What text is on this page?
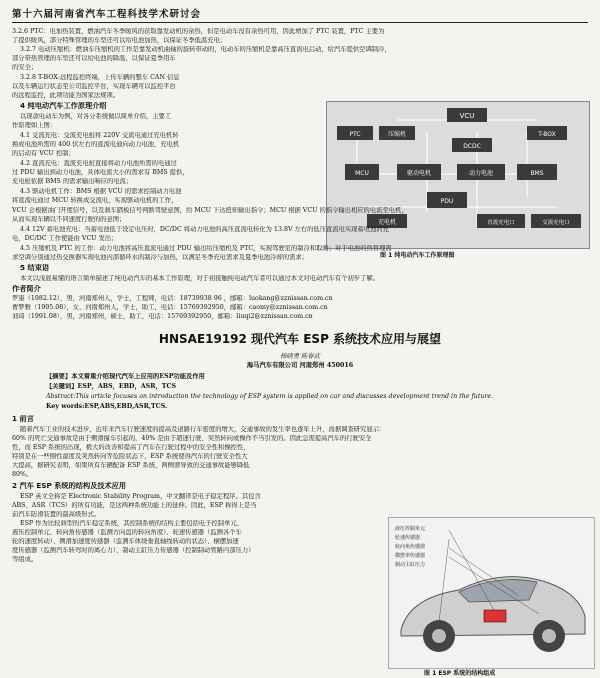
第十六届河南省汽车工程科技学术研讨会
3.2.6 PTC：电加热装置，燃油汽车冬季暖风的获取靠发动机的余热，但是电动车没有余热可用，因此增加了 PTC 装置，PTC 主要为
了提供暖风，部分特殊管理的车型还可以给电池加热，以保证冬季低温充电；
3.2.7 电动压缩机：燃油车压缩机的工作是靠发动机曲轴的旋转带动的，电动车的压缩机是靠高压直流电启动，给汽车提供空调制冷，
部分带热管理的车型还可以给电池的降温，以保证夏季用车
的安全；
3.2.8 T-BOX:远程监控终端，上传车辆的整车 CAN 信息
以及车辆运行状态至公司监控平台，实现车辆可以监控平台
的远程监控，此项功能为国家法规项。
4 纯电动汽车工作原理介绍
以现款电动车为例，对各分系统做以简单介绍，主要工
作原理如上图：
4.1 交流充电：交流充电桩将 220V 交流电通过充电机转
换成电池所需的 400 伏左右的直流电通向动力电池，充电机
的启动有 VCU 控制；
4.2 直流充电：直流充电桩直接将动力电池所需的电通过
过 PDU 输出到动力电池，具体电流大小的需求有 BMS 提供，
充电桩依据 BMS 的需求输出响应的电流；
4.3 驱动电机工作：BMS 根据 VCU 的需求控制动力电池
将直流电通过 MCU 转换成交流电，实现驱动电机的工作，
VCU
PTC	压缩机	T-BOX
DCDC
MCU	驱动电机	动力电池	BMS
PDU
充电机	直流充电口	交流充电口
图 1 纯电动汽车工作原理图
VCU 会根据油门开度信号，以及刹车踏板信号判断驾驶意图，给 MCU 下达扭矩输出指令；MCU 根据 VCU 的指令输出相应的电流至电机，
从而实现车辆以不同速度行驶的的意图；
4.4 12V 蓄电池充电：当蓄电池低于设定电压时，DC/DC 将动力电池的高压直流电转化为 13.8V 左右的低压直流电实现蓄电池的充
电，DC/DC 工作使能由 VCU 发出；
4.5 压缩机及 PTC 的工作：动力电池将高压直流电通过 PDU 输出给压缩机及 PTC，实现驾驶室的制冷和取暖；对于电池的热管理需
求空调分别通过热交换器实现电池内部循环水的制冷与加热，以满足冬季充电需求及夏季电池冷却的需求；
5 结束语
本文以浅显易懂的语言简单描述了纯电动汽车的基本工作原理，对于初接触纯电动汽车者可以通过本文对电动汽车有个初步了解。
作者简介
罗康（1982.12），男，河南郑州人，学士，工程师，电话：18739938 96 ，邮箱：luokang@zznissan.com.cn
曹梦雅（1995.08），女，河南郑州人，学士，助工，电话：15769392950，邮箱：caomy@zznissan.com.cn
刘琦（1991.08），男，河南郑州，硕士，助工，电话：15769392950，邮箱：liuqi2@zznissan.com.cn
HNSAE19192 现代汽车 ESP 系统技术应用与展望
杨晓勇 陈春武
海马汽车有限公司 河南郑州 450016
【摘要】本文着重介绍现代汽车上应用的ESP功能及作用
【关键词】ESP，ABS，EBD，ASR，TCS
Abstract:This article focuses on introduction the technology of ESP system is applied on car and discusses development trend in the future.
Key words:ESP,ABS,EBD,ASR,TCS.
1 前言
随着汽车工业的技术进步，近年来汽车行驶速度的提高及道路行车密度的增大，交通事故的发生率也逐年上升，而据调查研究显示：
60% 的死亡交通事故是由于侧滑撞车引起的，40% 是由于超速行驶、突然转向或操作不当引发的。因此急需提高汽车的行驶安全
性，而 ESP 系统的出现，极大的改善和提高了汽车在行驶过程中的安全性和操控性，
特别是在一些刚性湿度及突然转向等危险状态下，ESP 系统使得汽车的行驶安全性大
大提高，据研究表明，如果所有车辆配备 ESP 系统，两侧滑导致的交通事故能够降低
80%。
2 汽车 ESP 系统的结构及技术应用
ESP 英文全称是 Electronic Stability Program，中文翻译是电子稳定程序。其包含
ABS、ASR（TCS）的所有功能，是这两种系统功能上的延伸。因此，ESP 称得上是当
前汽车防滑装置的最高级形式。
ESP 作为比较典型的汽车稳定系统，其控制系统的结构主要包括电子控制单元、
液压控制单元、转向角传感器（监测方向盘的转向角度）、轮速传感器（监测各个车
轮的速度转动）、侧滑加速度传感器（监测车体绕垂直轴线转动的状态）、横摆加速
度传感器（监测汽车转弯时的离心力）、制动主缸压力传感器（控制制动管路内部压力）
等组成。
液压控制单元
轮速传感器
转向角传感器
横摆率传感器
制动主缸压力
图 1 ESP 系统的结构组成
